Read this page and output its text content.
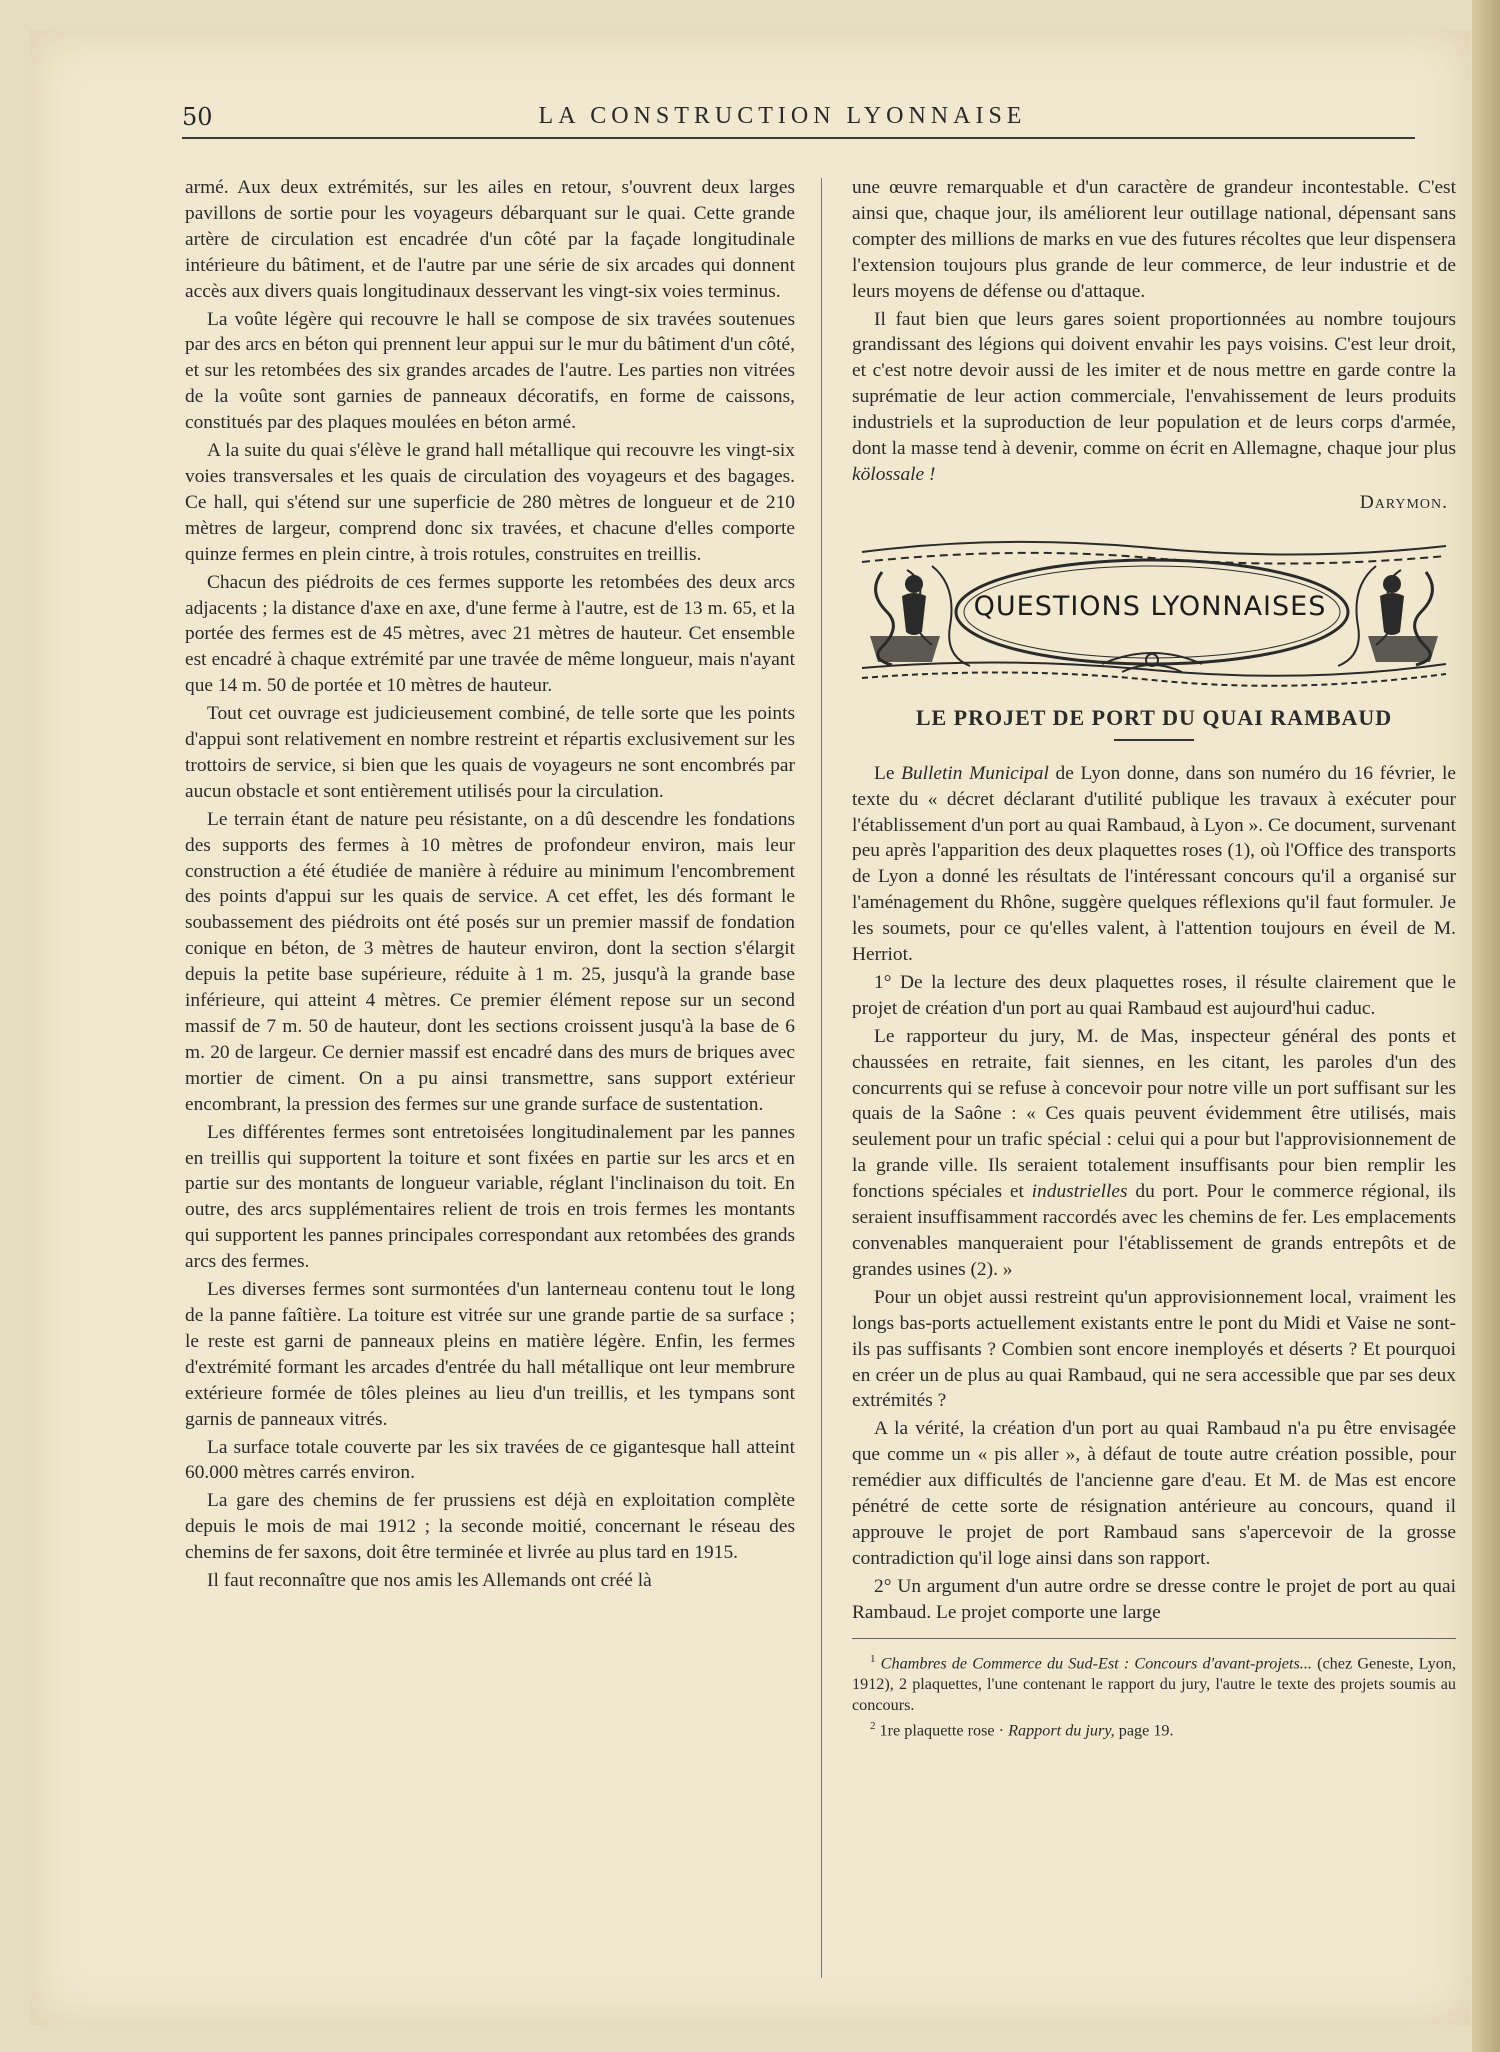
50	LA CONSTRUCTION LYONNAISE

armé. Aux deux extrémités, sur les ailes en retour, s'ouvrent deux larges pavillons de sortie pour les voyageurs débarquant sur le quai. Cette grande artère de circulation est encadrée d'un côté par la façade longitudinale intérieure du bâtiment, et de l'autre par une série de six arcades qui donnent accès aux divers quais longitudinaux desservant les vingt-six voies terminus.

La voûte légère qui recouvre le hall se compose de six travées soutenues par des arcs en béton qui prennent leur appui sur le mur du bâtiment d'un côté, et sur les retombées des six grandes arcades de l'autre. Les parties non vitrées de la voûte sont garnies de panneaux décoratifs, en forme de caissons, constitués par des plaques moulées en béton armé.

A la suite du quai s'élève le grand hall métallique qui recouvre les vingt-six voies transversales et les quais de circulation des voyageurs et des bagages. Ce hall, qui s'étend sur une superficie de 280 mètres de longueur et de 210 mètres de largeur, comprend donc six travées, et chacune d'elles comporte quinze fermes en plein cintre, à trois rotules, construites en treillis.

Chacun des piédroits de ces fermes supporte les retombées des deux arcs adjacents ; la distance d'axe en axe, d'une ferme à l'autre, est de 13 m. 65, et la portée des fermes est de 45 mètres, avec 21 mètres de hauteur. Cet ensemble est encadré à chaque extrémité par une travée de même longueur, mais n'ayant que 14 m. 50 de portée et 10 mètres de hauteur.

Tout cet ouvrage est judicieusement combiné, de telle sorte que les points d'appui sont relativement en nombre restreint et répartis exclusivement sur les trottoirs de service, si bien que les quais de voyageurs ne sont encombrés par aucun obstacle et sont entièrement utilisés pour la circulation.

Le terrain étant de nature peu résistante, on a dû descendre les fondations des supports des fermes à 10 mètres de profondeur environ, mais leur construction a été étudiée de manière à réduire au minimum l'encombrement des points d'appui sur les quais de service. A cet effet, les dés formant le soubassement des piédroits ont été posés sur un premier massif de fondation conique en béton, de 3 mètres de hauteur environ, dont la section s'élargit depuis la petite base supérieure, réduite à 1 m. 25, jusqu'à la grande base inférieure, qui atteint 4 mètres. Ce premier élément repose sur un second massif de 7 m. 50 de hauteur, dont les sections croissent jusqu'à la base de 6 m. 20 de largeur. Ce dernier massif est encadré dans des murs de briques avec mortier de ciment. On a pu ainsi transmettre, sans support extérieur encombrant, la pression des fermes sur une grande surface de sustentation.

Les différentes fermes sont entretoisées longitudinalement par les pannes en treillis qui supportent la toiture et sont fixées en partie sur les arcs et en partie sur des montants de longueur variable, réglant l'inclinaison du toit. En outre, des arcs supplémentaires relient de trois en trois fermes les montants qui supportent les pannes principales correspondant aux retombées des grands arcs des fermes.

Les diverses fermes sont surmontées d'un lanterneau contenu tout le long de la panne faîtière. La toiture est vitrée sur une grande partie de sa surface ; le reste est garni de panneaux pleins en matière légère. Enfin, les fermes d'extrémité formant les arcades d'entrée du hall métallique ont leur membrure extérieure formée de tôles pleines au lieu d'un treillis, et les tympans sont garnis de panneaux vitrés.

La surface totale couverte par les six travées de ce gigantesque hall atteint 60.000 mètres carrés environ.

La gare des chemins de fer prussiens est déjà en exploitation complète depuis le mois de mai 1912 ; la seconde moitié, concernant le réseau des chemins de fer saxons, doit être terminée et livrée au plus tard en 1915.

Il faut reconnaître que nos amis les Allemands ont créé là

une œuvre remarquable et d'un caractère de grandeur incontestable. C'est ainsi que, chaque jour, ils améliorent leur outillage national, dépensant sans compter des millions de marks en vue des futures récoltes que leur dispensera l'extension toujours plus grande de leur commerce, de leur industrie et de leurs moyens de défense ou d'attaque.

Il faut bien que leurs gares soient proportionnées au nombre toujours grandissant des légions qui doivent envahir les pays voisins. C'est leur droit, et c'est notre devoir aussi de les imiter et de nous mettre en garde contre la suprématie de leur action commerciale, l'envahissement de leurs produits industriels et la suproduction de leur population et de leurs corps d'armée, dont la masse tend à devenir, comme on écrit en Allemagne, chaque jour plus kölossale !

Darymon.
QUESTIONS LYONNAISES
LE PROJET DE PORT DU QUAI RAMBAUD

Le Bulletin Municipal de Lyon donne, dans son numéro du 16 février, le texte du « décret déclarant d'utilité publique les travaux à exécuter pour l'établissement d'un port au quai Rambaud, à Lyon ». Ce document, survenant peu après l'apparition des deux plaquettes roses (1), où l'Office des transports de Lyon a donné les résultats de l'intéressant concours qu'il a organisé sur l'aménagement du Rhône, suggère quelques réflexions qu'il faut formuler. Je les soumets, pour ce qu'elles valent, à l'attention toujours en éveil de M. Herriot.

1° De la lecture des deux plaquettes roses, il résulte clairement que le projet de création d'un port au quai Rambaud est aujourd'hui caduc.

Le rapporteur du jury, M. de Mas, inspecteur général des ponts et chaussées en retraite, fait siennes, en les citant, les paroles d'un des concurrents qui se refuse à concevoir pour notre ville un port suffisant sur les quais de la Saône : « Ces quais peuvent évidemment être utilisés, mais seulement pour un trafic spécial : celui qui a pour but l'approvisionnement de la grande ville. Ils seraient totalement insuffisants pour bien remplir les fonctions spéciales et industrielles du port. Pour le commerce régional, ils seraient insuffisamment raccordés avec les chemins de fer. Les emplacements convenables manqueraient pour l'établissement de grands entrepôts et de grandes usines (2). »

Pour un objet aussi restreint qu'un approvisionnement local, vraiment les longs bas-ports actuellement existants entre le pont du Midi et Vaise ne sont-ils pas suffisants ? Combien sont encore inemployés et déserts ? Et pourquoi en créer un de plus au quai Rambaud, qui ne sera accessible que par ses deux extrémités ?

A la vérité, la création d'un port au quai Rambaud n'a pu être envisagée que comme un « pis aller », à défaut de toute autre création possible, pour remédier aux difficultés de l'ancienne gare d'eau. Et M. de Mas est encore pénétré de cette sorte de résignation antérieure au concours, quand il approuve le projet de port Rambaud sans s'apercevoir de la grosse contradiction qu'il loge ainsi dans son rapport.

2° Un argument d'un autre ordre se dresse contre le projet de port au quai Rambaud. Le projet comporte une large

$^1$ Chambres de Commerce du Sud-Est : Concours d'avant-projets... (chez Geneste, Lyon, 1912), 2 plaquettes, l'une contenant le rapport du jury, l'autre le texte des projets soumis au concours.

$^2$ 1re plaquette rose · Rapport du jury, page 19.
